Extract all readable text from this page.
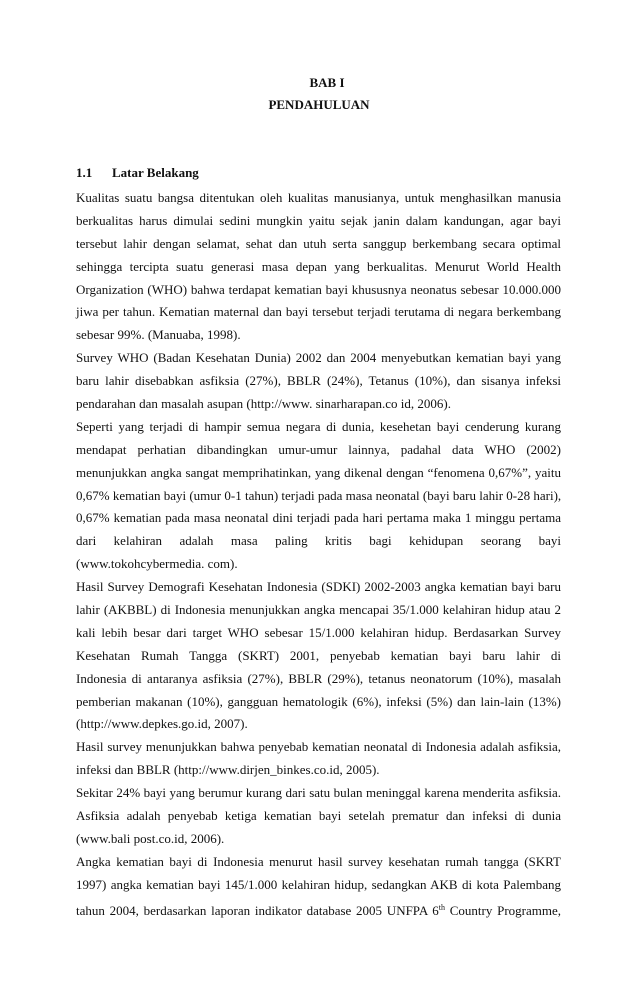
BAB I
PENDAHULUAN
1.1 Latar Belakang
Kualitas suatu bangsa ditentukan oleh kualitas manusianya, untuk menghasilkan manusia
berkualitas harus dimulai sedini mungkin yaitu sejak janin dalam kandungan, agar bayi
tersebut lahir dengan selamat, sehat dan utuh serta sanggup berkembang secara optimal
sehingga tercipta suatu generasi masa depan yang berkualitas. Menurut World Health
Organization (WHO) bahwa terdapat kematian bayi khususnya neonatus sebesar 10.000.000
jiwa per tahun. Kematian maternal dan bayi tersebut terjadi terutama di negara berkembang
sebesar 99%. (Manuaba, 1998).
Survey WHO (Badan Kesehatan Dunia) 2002 dan 2004 menyebutkan kematian bayi yang
baru lahir disebabkan asfiksia (27%), BBLR (24%), Tetanus (10%), dan sisanya infeksi
pendarahan dan masalah asupan (http://www. sinarharapan.co id, 2006).
Seperti yang terjadi di hampir semua negara di dunia, kesehetan bayi cenderung kurang
mendapat perhatian dibandingkan umur-umur lainnya, padahal data WHO (2002)
menunjukkan angka sangat memprihatinkan, yang dikenal dengan “fenomena 0,67%”, yaitu
0,67% kematian bayi (umur 0-1 tahun) terjadi pada masa neonatal (bayi baru lahir 0-28 hari),
0,67% kematian pada masa neonatal dini terjadi pada hari pertama maka 1 minggu pertama
dari kelahiran adalah masa paling kritis bagi kehidupan seorang bayi
(www.tokohcybermedia. com).
Hasil Survey Demografi Kesehatan Indonesia (SDKI) 2002-2003 angka kematian bayi baru
lahir (AKBBL) di Indonesia menunjukkan angka mencapai 35/1.000 kelahiran hidup atau 2
kali lebih besar dari target WHO sebesar 15/1.000 kelahiran hidup. Berdasarkan Survey
Kesehatan Rumah Tangga (SKRT) 2001, penyebab kematian bayi baru lahir di
Indonesia di antaranya asfiksia (27%), BBLR (29%), tetanus neonatorum (10%), masalah
pemberian makanan (10%), gangguan hematologik (6%), infeksi (5%) dan lain-lain (13%)
(http://www.depkes.go.id, 2007).
Hasil survey menunjukkan bahwa penyebab kematian neonatal di Indonesia adalah asfiksia,
infeksi dan BBLR (http://www.dirjen_binkes.co.id, 2005).
Sekitar 24% bayi yang berumur kurang dari satu bulan meninggal karena menderita asfiksia.
Asfiksia adalah penyebab ketiga kematian bayi setelah prematur dan infeksi di dunia
(www.bali post.co.id, 2006).
Angka kematian bayi di Indonesia menurut hasil survey kesehatan rumah tangga (SKRT
1997) angka kematian bayi 145/1.000 kelahiran hidup, sedangkan AKB di kota Palembang
tahun 2004, berdasarkan laporan indikator database 2005 UNFPA 6th Country Programme,
